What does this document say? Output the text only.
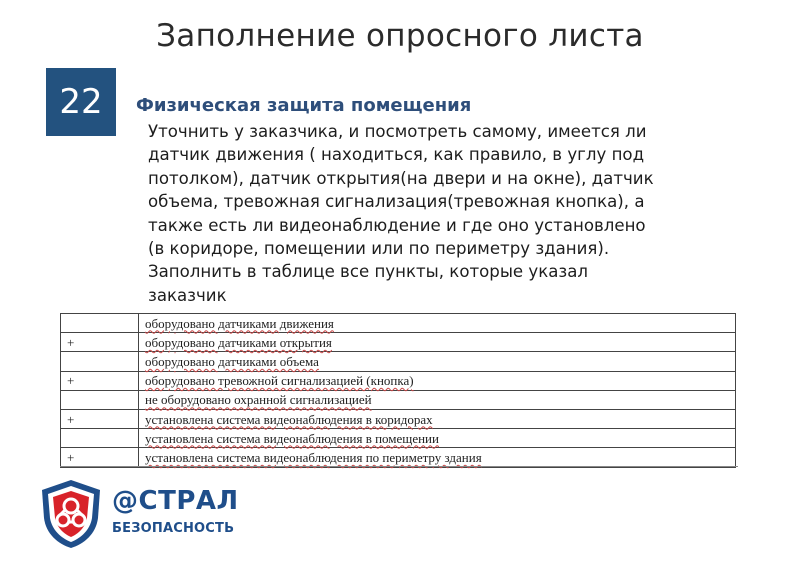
Заполнение опросного листа
22	Физическая защита помещения

Уточнить у заказчика, и посмотреть самому, имеется ли

датчик движения ( находиться, как правило, в углу под

потолком), датчик открытия(на двери и на окне), датчик

объема, тревожная сигнализация(тревожная кнопка), а

также есть ли видеонаблюдение и где оно установлено

(в коридоре, помещении или по периметру здания).

Заполнить в таблице все пункты, которые указал

заказчик

	оборудовано датчиками движения
+	оборудовано датчиками открытия
	оборудовано датчиками объема
+	оборудовано тревожной сигнализацией (кнопка)
	не оборудовано охранной сигнализацией
+	установлена система видеонаблюдения в коридорах
	установлена система видеонаблюдения в помещении
+	установлена система видеонаблюдения по периметру здания
@СТРАЛ
БЕЗОПАСНОСТЬ
